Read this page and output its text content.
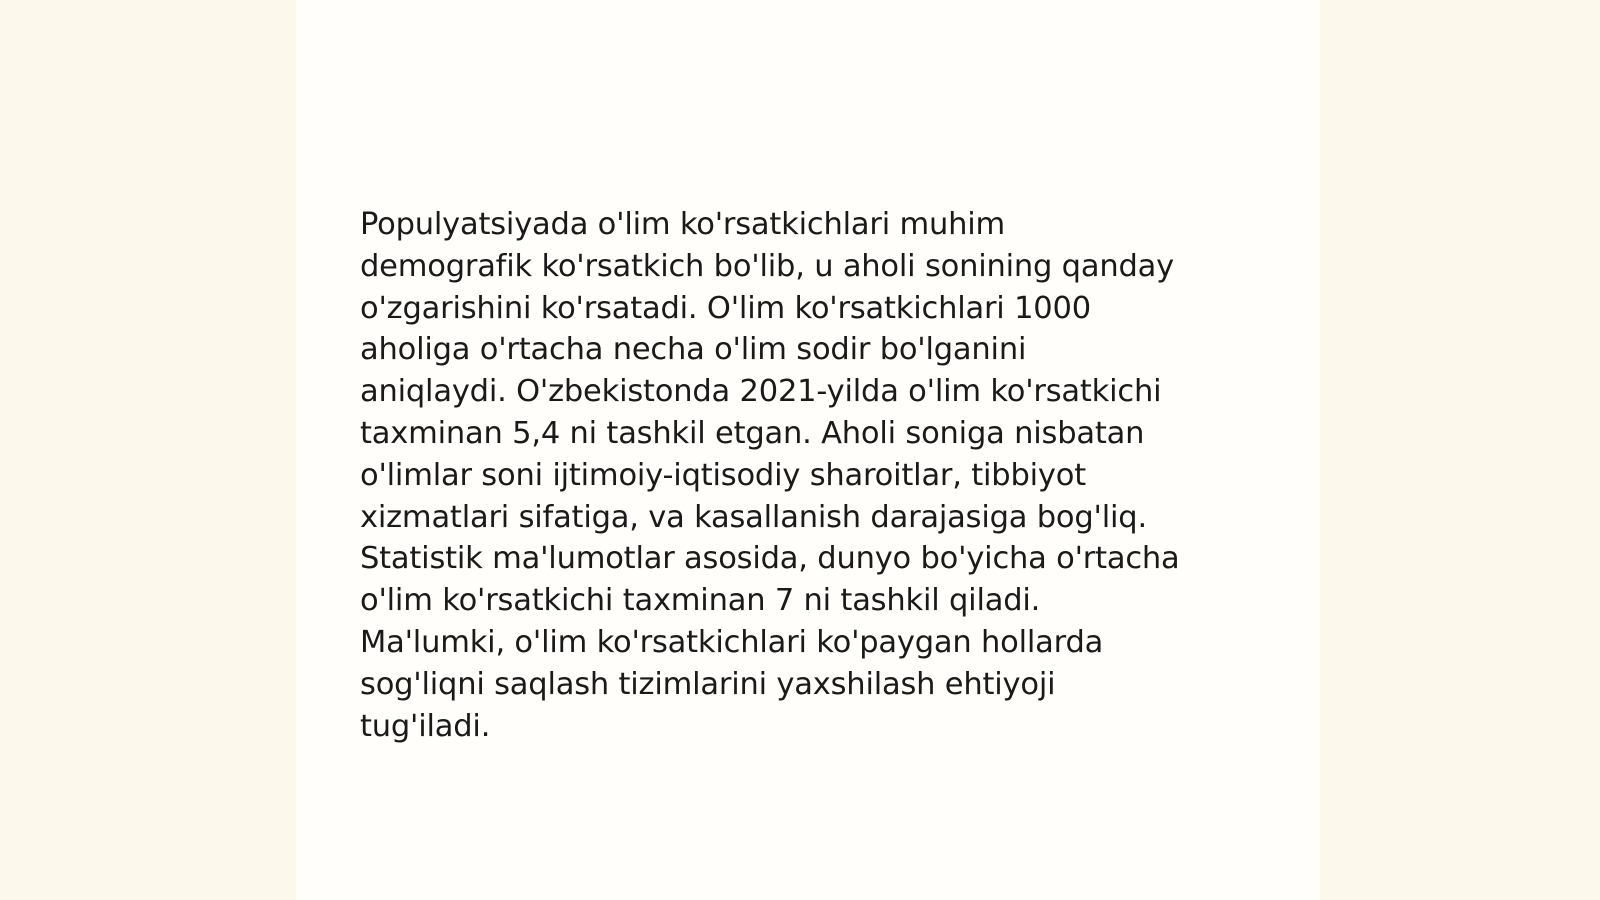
Populyatsiyada o'lim ko'rsatkichlari muhim
demografik ko'rsatkich bo'lib, u aholi sonining qanday
o'zgarishini ko'rsatadi. O'lim ko'rsatkichlari 1000
aholiga o'rtacha necha o'lim sodir bo'lganini
aniqlaydi. O'zbekistonda 2021-yilda o'lim ko'rsatkichi
taxminan 5,4 ni tashkil etgan. Aholi soniga nisbatan
o'limlar soni ijtimoiy-iqtisodiy sharoitlar, tibbiyot
xizmatlari sifatiga, va kasallanish darajasiga bog'liq.
Statistik ma'lumotlar asosida, dunyo bo'yicha o'rtacha
o'lim ko'rsatkichi taxminan 7 ni tashkil qiladi.
Ma'lumki, o'lim ko'rsatkichlari ko'paygan hollarda
sog'liqni saqlash tizimlarini yaxshilash ehtiyoji
tug'iladi.
